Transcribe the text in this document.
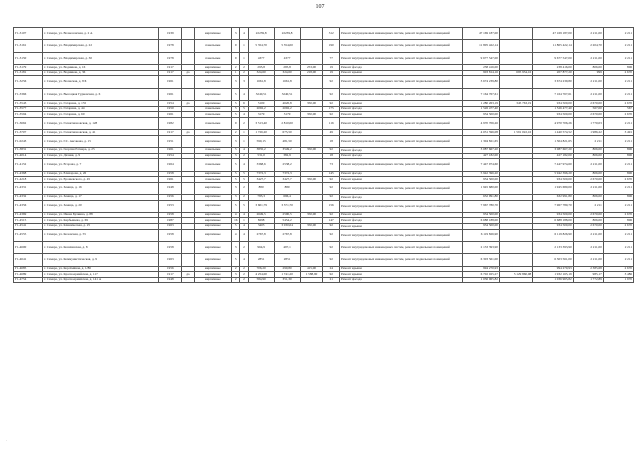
107
Г1-3107	г. Самара, ул. Вознесенская, д. 2 А	1939		кирпичные	3	4	22239,8	22239,8		312	Ремонт внутридомовых инженерных систем, ремонт подвальных помещений	47 169 187,00		47 169 187,00	2 211,00	2 211
Г1-3161	г. Самара, ул. Владимирская, д. 22	1978		панельные	9	1	5 354,70	5 354,00		190	Ремонт внутридомовых инженерных систем, ремонт подвальных помещений	11 805 422,14		11 805 422,14	2 204,70	2 211
Г1-3150	г. Самара, ул. Владимирская, д. 30	1978		панельные	9	1	4377	4377		77	Ремонт внутридомовых инженерных систем, ремонт подвальных помещений	9 677 547,00		9 677 547,00	2 211,00	2 211
Г1-3179	г. Самара, ул. Водников, д. 16	1917		кирпичные	2	2	295,8	295,8	253,00	19	Ремонт фасада	238 416,00		238 416,00	806,00	806
Г1-3181	г. Самара, ул. Водников, д. 36	1917	да	кирпичные	1	2	324,60	324,60	218,00	19	Ремонт крыши	903 814,16	695 934,16	207 877,20	999	2 670
Г1-3256	г. Самара, ул. Волжская, д. 8 Б	1961		кирпичные	3	3	1661,8	1661,8		92	Ремонт внутридомовых инженерных систем, ремонт подвальных помещений	3 674 239,80		3 674 239,80	2 211,00	2 211
Г1-3366	г. Самара, ул. Высоцкая Гудковская, д. 6	1961		кирпичные	5	4	3240,51	3240,51		92	Ремонт внутридомовых инженерных систем, ремонт подвальных помещений	7 164 767,61		7 164 767,61	2 211,00	2 211
Г1-3543	г. Самара, ул. Гагарина, д. 155	1954	да	кирпичные	5	6	5100	4620,8	350,00	92	Ремонт крыши	1 280 263,19	345 763,19	934 500,00	2 670,00	2 670
Г1-3577	г. Самара, ул. Гагарина, д. 44	1950		панельные	5	5	2092,2	2092,2		175	Ремонт фасада	1 526 477,40		1 526 477,40	567,00	567
Г1-3594	г. Самара, ул. Гагарина, д. 60	1961		панельные	5	4	3179	3179	350,00	92	Ремонт крыши	934 500,00		934 500,00	2 670,00	2 670
Г1-3662	г. Самара, ул. Галактионовская, д. 128	1982		панельные	9	2	3 513,40	2 810,00		116	Ремонт внутридомовых инженерных систем, ремонт подвальных помещений	4 970 706,26		4 970 706,26	1 770,03	2 211
Г1-3707	г. Самара, ул. Галактионовская, д. 41	1917	да	кирпичные	2	1	1 726,20	675,50		49	Ремонт фасада	4 031 596,08	1 591 022,16	1 440 574,52	1 986,22	3 491
Г1-0243	г. Самара, ул. Г.С. Аксакова, д. 15	1951		кирпичные	3	1	590,15	481,50		18	Ремонт внутридомовых инженерных систем, ремонт подвальных помещений	1 304 821,65		1 304 821,65	2 211	2 211
Г1-3831	г. Самара, ул. Георгия Ратнера, д. 25	1961		панельные	5	4	3835,2	3549,2	350,00	92	Ремонт фасада	3 087 667,20		3 087 667,20	806,00	806
Г1-4014	г. Самара, ул. Дачная, д. 9	1954		кирпичные	3	2	531,0	382,9		18	Ремонт фасада	427 182,00		427 182,00	806,00	806
Г1-4152	г. Самара, ул. Егорова, д. 7	1964		панельные	5	4	3368,6	2538,2		73	Ремонт внутридомовых инженерных систем, ремонт подвальных помещений	7 447 974,60		7 447 974,60	2 211,00	2 211
Г1-4368	г. Самара, ул. Елизарова, д. 26	1958		кирпичные	5	5	7372,3	7372,3		145	Ремонт фасада	5 942 396,20		5 942 396,20	806,00	806
Г1-4218	г. Самара, ул. Ерошевского, д. 45	1961		панельные	5	5	3427,7	3427,7	350,00	92	Ремонт крыши	934 500,00		934 500,00	2 670,00	2 670
Г1-4331	г. Самара, ул. Земеца, д. 16	1948		кирпичные	3	2	880	880		92	Ремонт внутридомовых инженерных систем, ремонт подвальных помещений	1 945 680,00		1 945 680,00	2 211,00	2 211
Г1-4332	г. Самара, ул. Земеца, д. 17	1956		кирпичные	3	2	783,3	696,4		92	Ремонт фасада	632 991,80		632 991,80	806,00	806
Г1-4356	г. Самара, ул. Земеца, д. 20	1953		кирпичные	5	5	3 601,79	3 371,70		156	Ремонт внутридомовых инженерных систем, ремонт подвальных помещений	7 967 780,70		7 967 780,70	2 211	2 211
Г1-4369	г. Самара, ул. Ивана Булкина, д. 88	1958		кирпичные	4	4	2649,5	2590,5	350,00	92	Ремонт крыши	934 500,00		934 500,00	2 670,00	2 670
Г1-4515	г. Самара, ул. Карбышева, д. 69	1987		кирпичные	16	1	8298	5454,2		147	Ремонт фасада	6 688 188,00		6 688 188,00	806,00	806
Г1-4541	г. Самара, ул. Клиническая, д. 25	1963		кирпичные	5	4	3403	3 030,04	350,00	92	Ремонт крыши	934 500,00		934 500,00	2 670,00	2 670
Г1-4555	г. Самара, ул. Козовская, д. 55	1958		кирпичные	4	4	2767,8	2767,8		92	Ремонт внутридомовых инженерных систем, ремонт подвальных помещений	6 119 826,90		6 119 826,90	2 211,00	2 211
Г1-4600	г. Самара, ул. Кошлинская, д. 8	1958		кирпичные	3	2	964,9	497,1		92	Ремонт внутридомовых инженерных систем, ремонт подвальных помещений	2 133 393,90		2 133 393,90	2 211,00	2 211
Г1-4641	г. Самара, ул. Коммунистическая, д. 9	1963		кирпичные	5	4	2851	2851		92	Ремонт внутридомовых инженерных систем, ремонт подвальных помещений	6 303 561,00		6 303 561,00	2 211,00	2 211
Г1-4685	г. Самара, ул. Коробейная, д. 1/86	1956		кирпичные	2	2	706,20	290,80	415,00	24	Ремонт крыши	994 270,93		994 270,93	2 385,68	2 670
Г1-4689	г. Самара, ул. Красноармейская, д. 117	1917	да	кирпичные	3	2	4 254,00	1 741,20	1 588,90	92	Ремонт крыши	6 702 025,27	5 129 860,08	1 932 165,19	985,17	3 486
Г1-4754	г. Самара, ул. Красноармейская, д. 141 А	1948		кирпичные	2	2	584,90	351,30		21	Ремонт фасада	1 036 965,82		1 036 965,82	1 772,89	1 970
·
